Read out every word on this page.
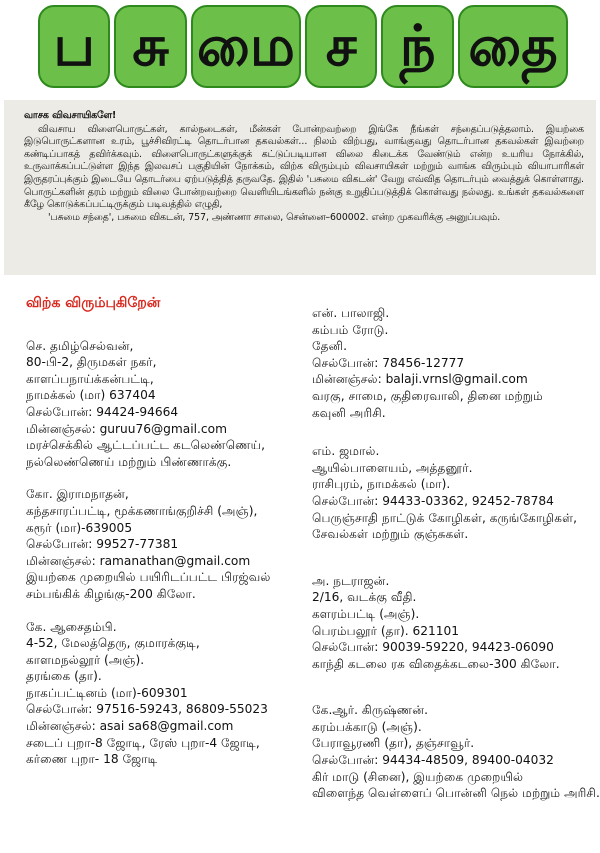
ப சு மை ச ந் தை
வாசக விவசாயிகளே!

விவசாய விளைபொருட்கள், கால்நடைகள், மீன்கள் போன்றவற்றை இங்கே நீங்கள் சந்தைப்படுத்தலாம். இயற்கை இடுபொருட்களான உரம், பூச்சிவிரட்டி தொடர்பான தகவல்கள்... நிலம் விற்பது, வாங்குவது தொடர்பான தகவல்கள் இவற்றை கண்டிப்பாகத் தவிர்க்கவும். விளைபொருட்களுக்குக் கட்டுப்படியான விலை கிடைக்க வேண்டும் என்ற உயரிய நோக்கில், உருவாக்கப்பட்டுள்ள இந்த இலவசப் பகுதியின் நோக்கம், விற்க விரும்பும் விவசாயிகள் மற்றும் வாங்க விரும்பும் வியாபாரிகள் இருதரப்புக்கும் இடையே தொடர்பை ஏற்படுத்தித் தருவதே. இதில் 'பசுமை விகடன்' வேறு எவ்வித தொடர்பும் வைத்துக் கொள்ளாது. பொருட்களின் தரம் மற்றும் விலை போன்றவற்றை வெளியிடங்களில் நன்கு உறுதிப்படுத்திக் கொள்வது நல்லது. உங்கள் தகவல்களை கீழே கொடுக்கப்பட்டிருக்கும் படிவத்தில் எழுதி,

'பசுமை சந்தை', பசுமை விகடன், 757, அண்ணா சாலை, சென்னை–600002. என்ற முகவரிக்கு அனுப்பவும்.

விற்க விரும்புகிறேன்
செ. தமிழ்செல்வன்,
80-பி-2, திருமகள் நகர்,
காளப்பநாய்க்கன்பட்டி,
நாமக்கல் (மா) 637404
செல்போன்: 94424-94664
மின்னஞ்சல்: guruu76@gmail.com
மரச்செக்கில் ஆட்டப்பட்ட கடலெண்ணெய்,
நல்லெண்ணெய் மற்றும் பிண்ணாக்கு.
கோ. இராமநாதன்,
கந்தசாரப்பட்டி, மூக்கணாங்குறிச்சி (அஞ்),
கரூர் (மா)-639005
செல்போன்: 99527-77381
மின்னஞ்சல்: ramanathan@gmail.com
இயற்கை முறையில் பயிரிடப்பட்ட பிரஜ்வல்
சம்பங்கிக் கிழங்கு-200 கிலோ.
கே. ஆசைதம்பி.
4-52, மேலத்தெரு, குமாரக்குடி,
காளமநல்லூர் (அஞ்).
தரங்கை (தா).
நாகப்பட்டினம் (மா)-609301
செல்போன்: 97516-59243, 86809-55023
மின்னஞ்சல்: asai sa68@gmail.com
சடைப் புறா-8 ஜோடி, ரேஸ் புறா-4 ஜோடி,
கர்ணை புறா- 18 ஜோடி
என். பாலாஜி.
கம்பம் ரோடு.
தேனி.
செல்போன்: 78456-12777
மின்னஞ்சல்: balaji.vrnsl@gmail.com
வரகு, சாமை, குதிரைவாலி, தினை மற்றும்
கவுனி அரிசி.
எம். ஜமால்.
ஆயில்பாளையம், அத்தனூர்.
ராசிபுரம், நாமக்கல் (மா).
செல்போன்: 94433-03362, 92452-78784
பெருஞ்சாதி நாட்டுக் கோழிகள், கருங்கோழிகள்,
சேவல்கள் மற்றும் குஞ்சுகள்.
அ. நடராஜன்.
2/16, வடக்கு வீதி.
களரம்பட்டி (அஞ்).
பெரம்பலூர் (தா). 621101
செல்போன்: 90039-59220, 94423-06090
காந்தி கடலை ரக விதைக்கடலை-300 கிலோ.
கே.ஆர். கிருஷ்ணன்.
கரம்பக்காடு (அஞ்).
பேராவூரணி (தா), தஞ்சாவூர்.
செல்போன்: 94434-48509, 89400-04032
கிர் மாடு (சினை), இயற்கை முறையில்
விளைந்த வெள்ளைப் பொன்னி நெல் மற்றும் அரிசி.
